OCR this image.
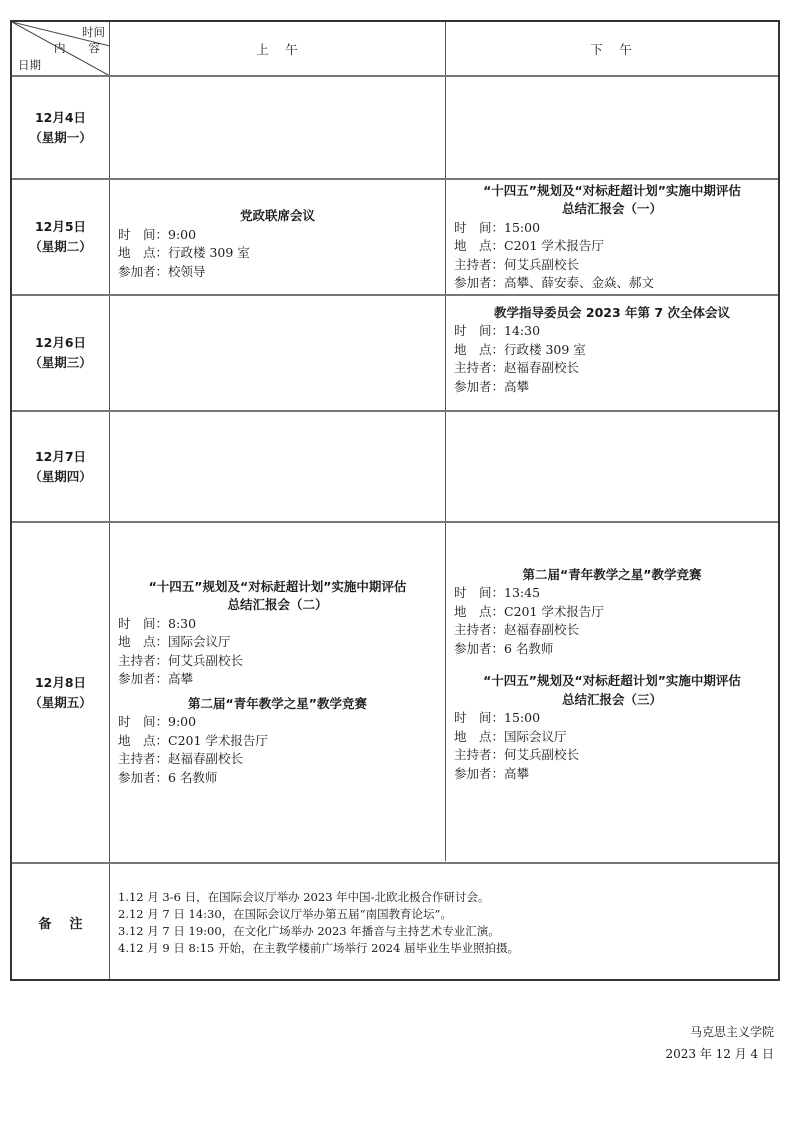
时间
内　　容
日期
上　午	下　午
12月4日
（星期一）
12月5日
（星期二）
党政联席会议
时　间：9:00
地　点：行政楼 309 室
参加者：校领导
“十四五”规划及“对标赶超计划”实施中期评估
总结汇报会（一）
时　间：15:00
地　点：C201 学术报告厅
主持者：何艾兵副校长
参加者：高攀、薛安泰、金焱、郝文
12月6日
（星期三）
教学指导委员会 2023 年第 7 次全体会议
时　间：14:30
地　点：行政楼 309 室
主持者：赵福春副校长
参加者：高攀
12月7日
（星期四）
12月8日
（星期五）
“十四五”规划及“对标赶超计划”实施中期评估
总结汇报会（二）
时　间：8:30
地　点：国际会议厅
主持者：何艾兵副校长
参加者：高攀
第二届“青年教学之星”教学竞赛
时　间：9:00
地　点：C201 学术报告厅
主持者：赵福春副校长
参加者：6 名教师
第二届“青年教学之星”教学竞赛
时　间：13:45
地　点：C201 学术报告厅
主持者：赵福春副校长
参加者：6 名教师
“十四五”规划及“对标赶超计划”实施中期评估
总结汇报会（三）
时　间：15:00
地　点：国际会议厅
主持者：何艾兵副校长
参加者：高攀
备注
1.12 月 3-6 日，在国际会议厅举办 2023 年中国-北欧北极合作研讨会。
2.12 月 7 日 14:30，在国际会议厅举办第五届“南国教育论坛”。
3.12 月 7 日 19:00，在文化广场举办 2023 年播音与主持艺术专业汇演。
4.12 月 9 日 8:15 开始，在主教学楼前广场举行 2024 届毕业生毕业照拍摄。
马克思主义学院
2023 年 12 月 4 日
